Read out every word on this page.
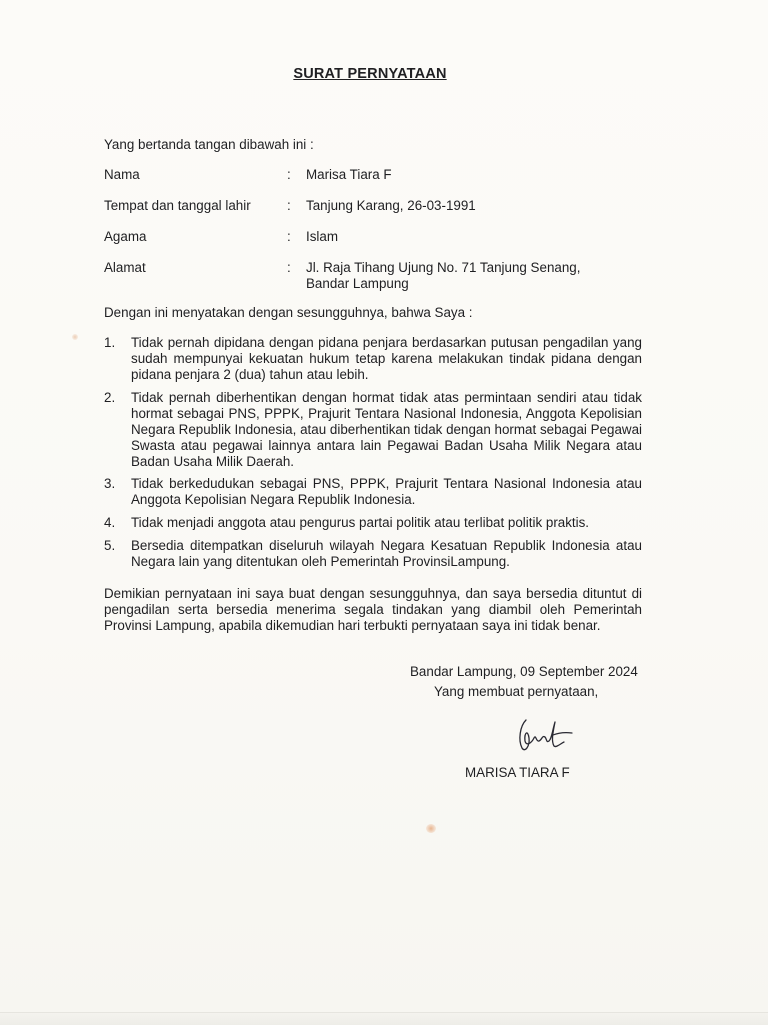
SURAT PERNYATAAN
Yang bertanda tangan dibawah ini :
Nama	: Marisa Tiara F
Tempat dan tanggal lahir	: Tanjung Karang, 26-03-1991
Agama	: Islam
Alamat	: Jl. Raja Tihang Ujung No. 71 Tanjung Senang, Bandar Lampung
Dengan ini menyatakan dengan sesungguhnya, bahwa Saya :
1. Tidak pernah dipidana dengan pidana penjara berdasarkan putusan pengadilan yang sudah mempunyai kekuatan hukum tetap karena melakukan tindak pidana dengan pidana penjara 2 (dua) tahun atau lebih.
2. Tidak pernah diberhentikan dengan hormat tidak atas permintaan sendiri atau tidak hormat sebagai PNS, PPPK, Prajurit Tentara Nasional Indonesia, Anggota Kepolisian Negara Republik Indonesia, atau diberhentikan tidak dengan hormat sebagai Pegawai Swasta atau pegawai lainnya antara lain Pegawai Badan Usaha Milik Negara atau Badan Usaha Milik Daerah.
3. Tidak berkedudukan sebagai PNS, PPPK, Prajurit Tentara Nasional Indonesia atau Anggota Kepolisian Negara Republik Indonesia.
4. Tidak menjadi anggota atau pengurus partai politik atau terlibat politik praktis.
5. Bersedia ditempatkan diseluruh wilayah Negara Kesatuan Republik Indonesia atau Negara lain yang ditentukan oleh Pemerintah ProvinsiLampung.
Demikian pernyataan ini saya buat dengan sesungguhnya, dan saya bersedia dituntut di pengadilan serta bersedia menerima segala tindakan yang diambil oleh Pemerintah Provinsi Lampung, apabila dikemudian hari terbukti pernyataan saya ini tidak benar.
Bandar Lampung, 09 September 2024
Yang membuat pernyataan,
MARISA TIARA F
